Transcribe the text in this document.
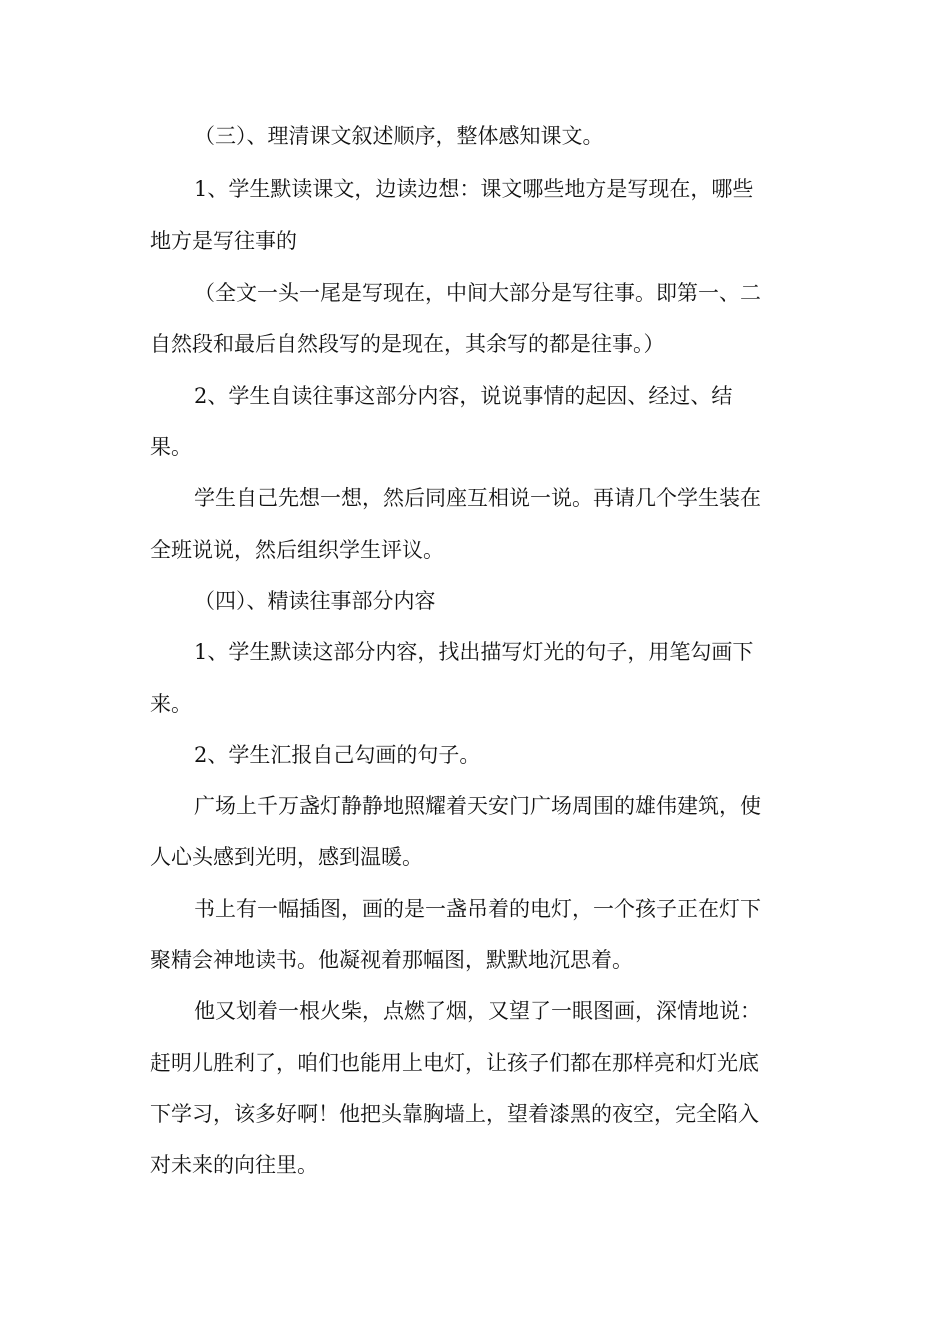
（三）、理清课文叙述顺序，整体感知课文。
1、学生默读课文，边读边想：课文哪些地方是写现在，哪些
地方是写往事的
（全文一头一尾是写现在，中间大部分是写往事。即第一、二
自然段和最后自然段写的是现在，其余写的都是往事。）
2、学生自读往事这部分内容，说说事情的起因、经过、结
果。
学生自己先想一想，然后同座互相说一说。再请几个学生装在
全班说说，然后组织学生评议。
（四）、精读往事部分内容
1、学生默读这部分内容，找出描写灯光的句子，用笔勾画下
来。
2、学生汇报自己勾画的句子。
广场上千万盏灯静静地照耀着天安门广场周围的雄伟建筑，使
人心头感到光明，感到温暖。
书上有一幅插图，画的是一盏吊着的电灯，一个孩子正在灯下
聚精会神地读书。他凝视着那幅图，默默地沉思着。
他又划着一根火柴，点燃了烟，又望了一眼图画，深情地说：
赶明儿胜利了，咱们也能用上电灯，让孩子们都在那样亮和灯光底
下学习，该多好啊！他把头靠胸墙上，望着漆黑的夜空，完全陷入
对未来的向往里。
